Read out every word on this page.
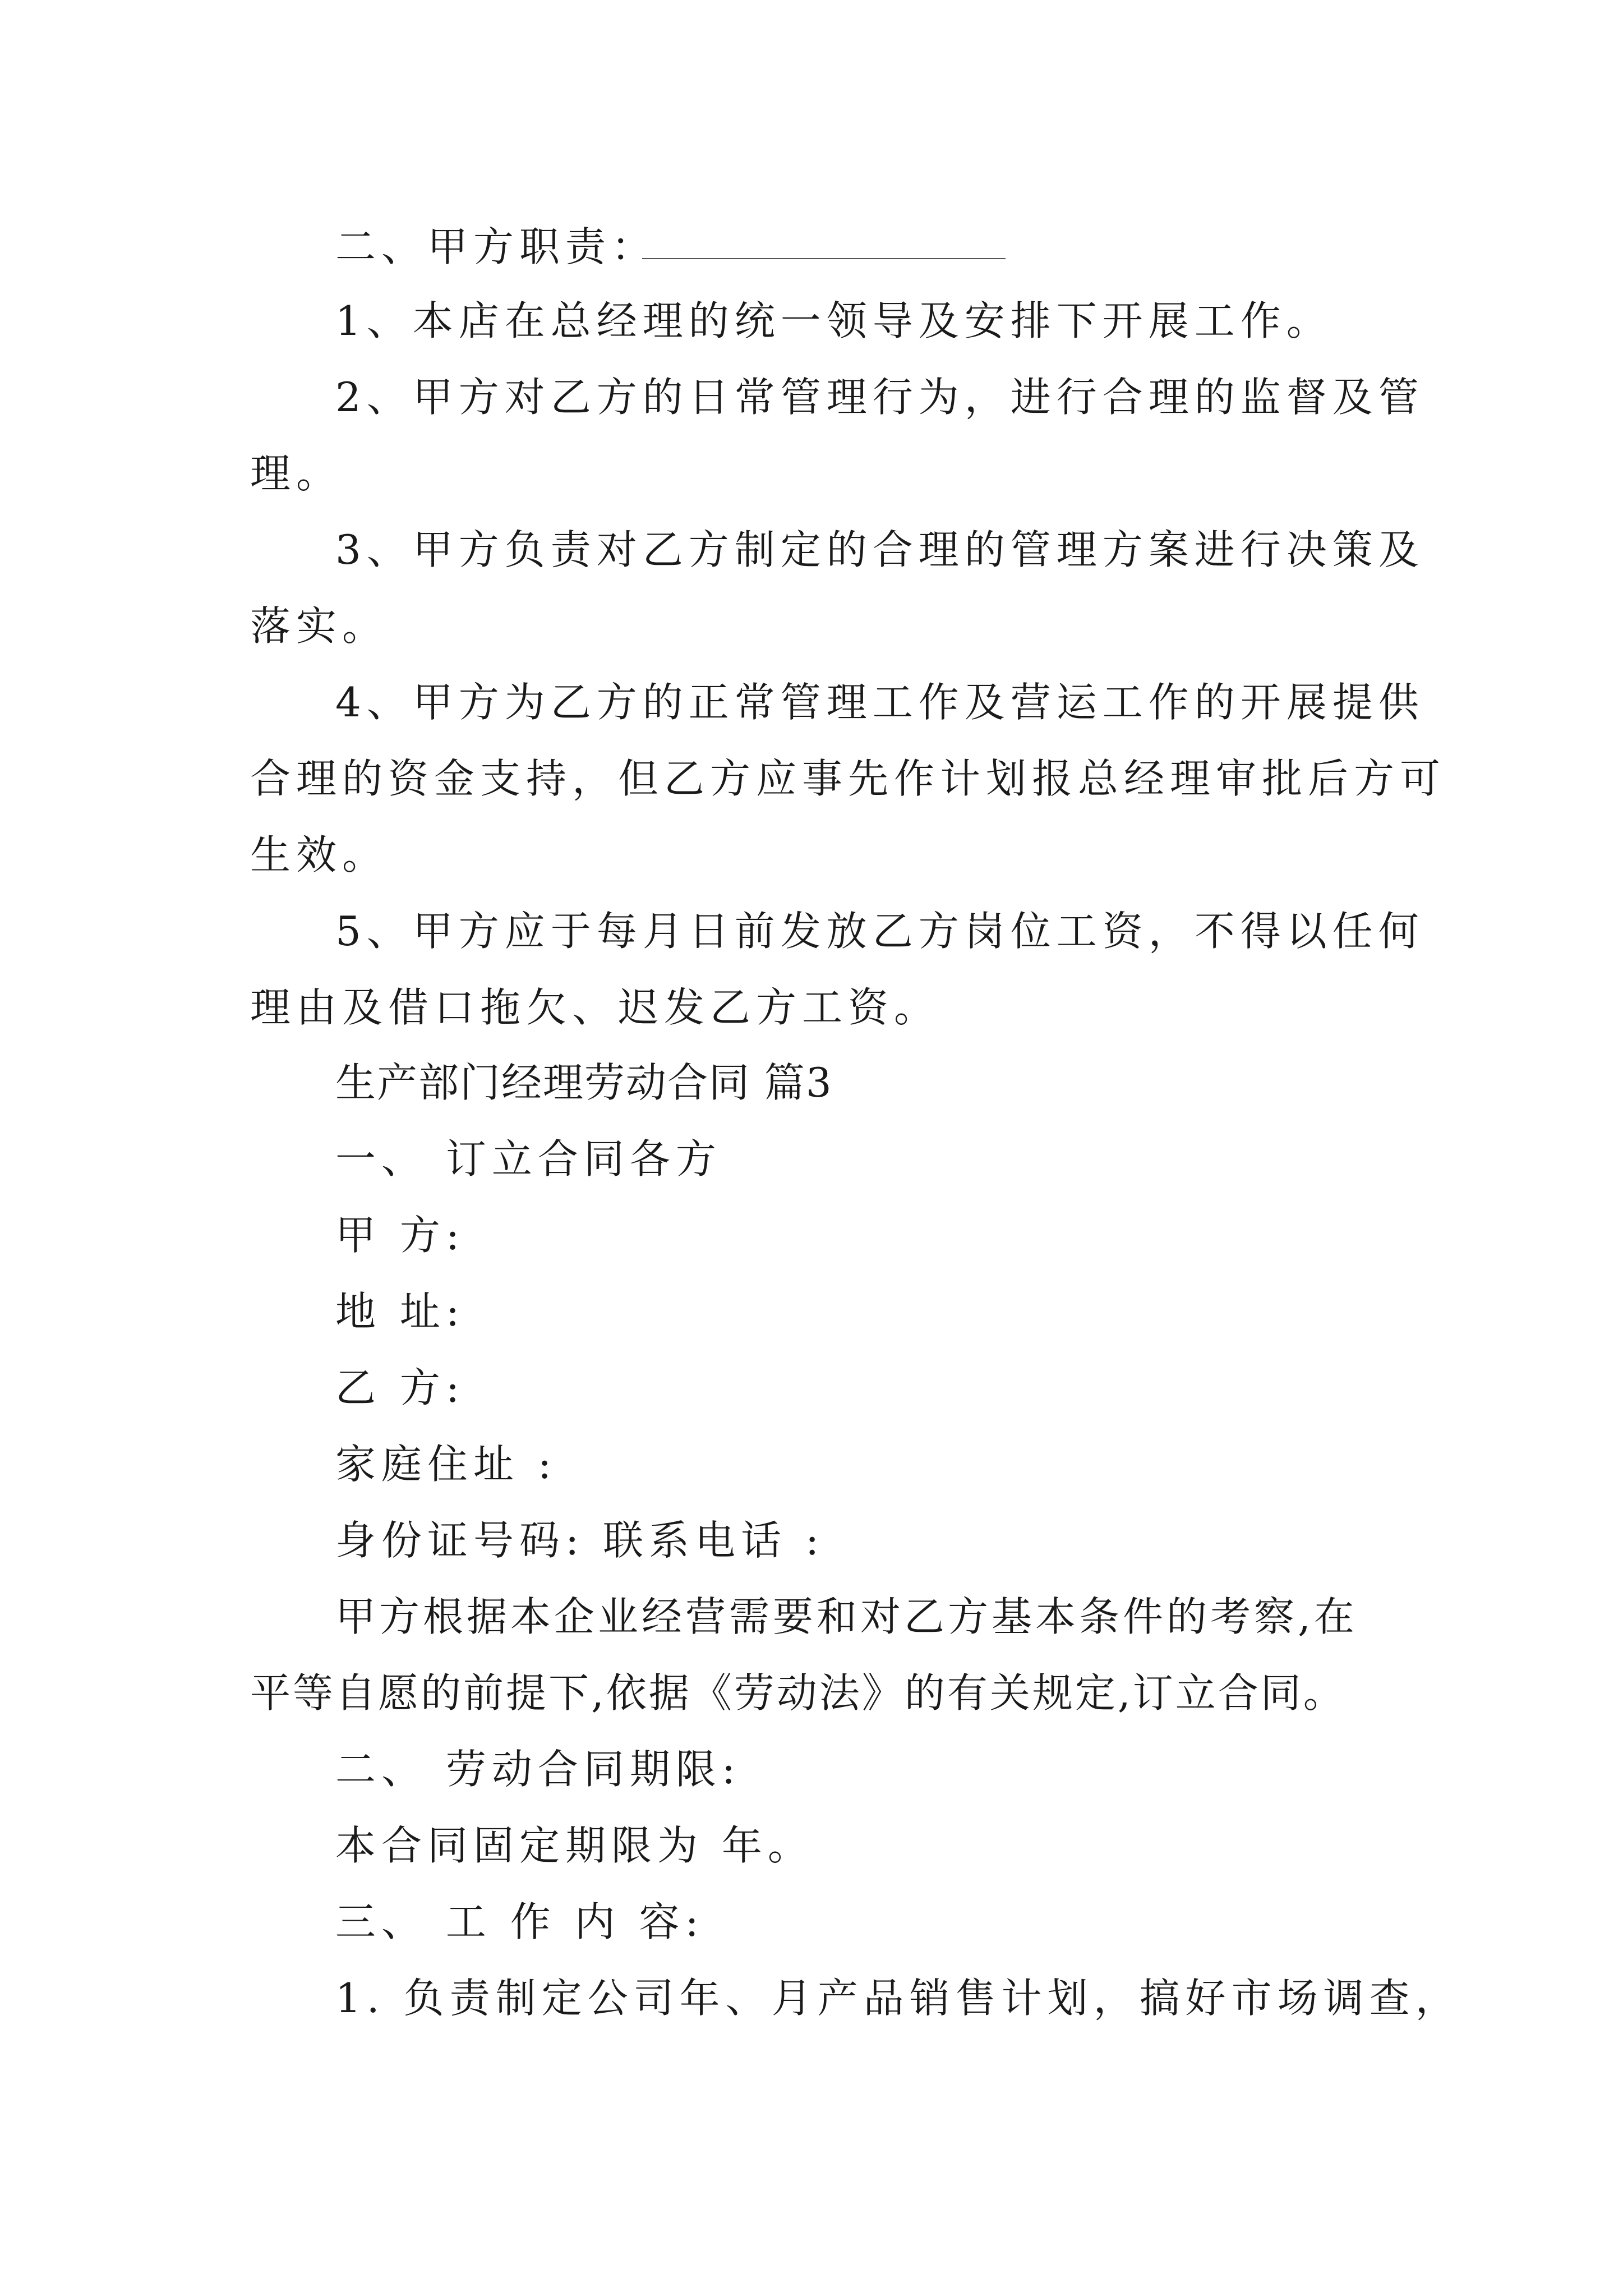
二、甲方职责：
1、本店在总经理的统一领导及安排下开展工作。
2、甲方对乙方的日常管理行为，进行合理的监督及管
理。
3、甲方负责对乙方制定的合理的管理方案进行决策及
落实。
4、甲方为乙方的正常管理工作及营运工作的开展提供
合理的资金支持，但乙方应事先作计划报总经理审批后方可
生效。
5、甲方应于每月日前发放乙方岗位工资，不得以任何
理由及借口拖欠、迟发乙方工资。
生产部门经理劳动合同 篇3
一、 订立合同各方
甲 方:
地 址:
乙 方:
家庭住址 :
身份证号码: 联系电话 :
甲方根据本企业经营需要和对乙方基本条件的考察,在
平等自愿的前提下,依据《劳动法》的有关规定,订立合同。
二、 劳动合同期限:
本合同固定期限为 年。
三、 工 作 内 容:
1. 负责制定公司年、月产品销售计划，搞好市场调查，
